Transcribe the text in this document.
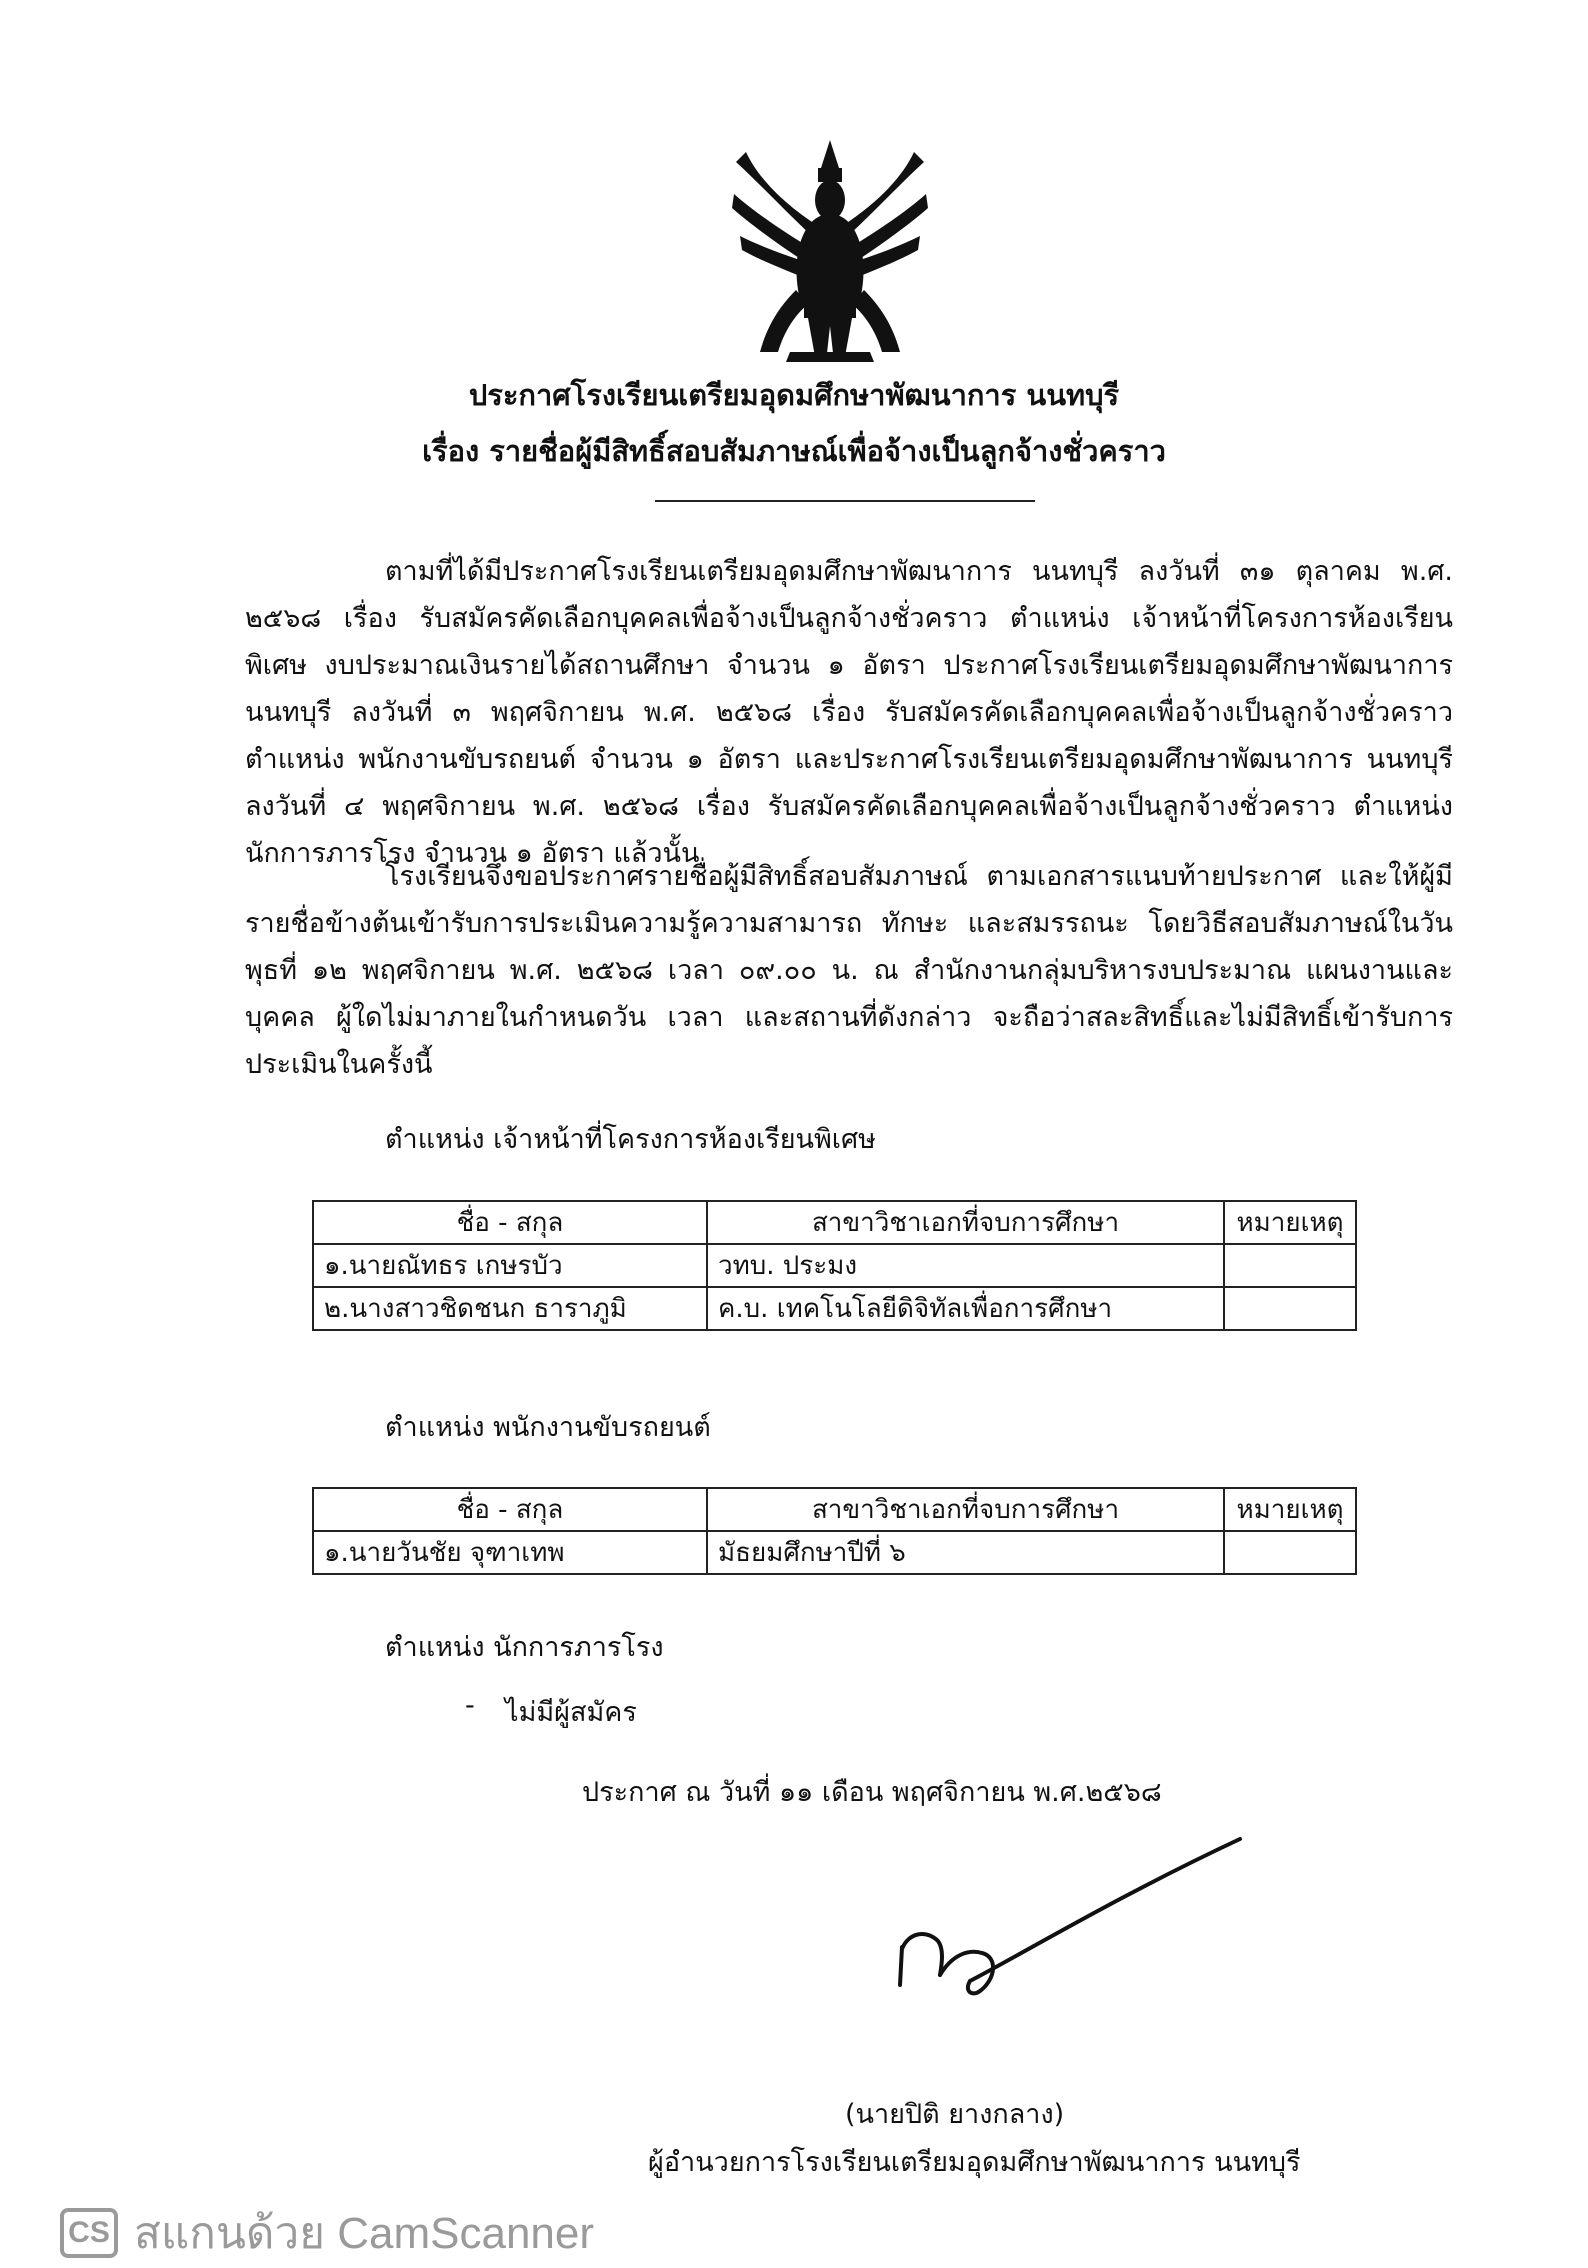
ประกาศโรงเรียนเตรียมอุดมศึกษาพัฒนาการ นนทบุรี
เรื่อง รายชื่อผู้มีสิทธิ์สอบสัมภาษณ์เพื่อจ้างเป็นลูกจ้างชั่วคราว

ตามที่ได้มีประกาศโรงเรียนเตรียมอุดมศึกษาพัฒนาการ นนทบุรี ลงวันที่ ๓๑ ตุลาคม พ.ศ. ๒๕๖๘ เรื่อง รับสมัครคัดเลือกบุคคลเพื่อจ้างเป็นลูกจ้างชั่วคราว ตำแหน่ง เจ้าหน้าที่โครงการห้องเรียนพิเศษ งบประมาณเงินรายได้สถานศึกษา จำนวน ๑ อัตรา ประกาศโรงเรียนเตรียมอุดมศึกษาพัฒนาการ นนทบุรี ลงวันที่ ๓ พฤศจิกายน พ.ศ. ๒๕๖๘ เรื่อง รับสมัครคัดเลือกบุคคลเพื่อจ้างเป็นลูกจ้างชั่วคราว ตำแหน่ง พนักงานขับรถยนต์ จำนวน ๑ อัตรา และประกาศโรงเรียนเตรียมอุดมศึกษาพัฒนาการ นนทบุรี ลงวันที่ ๔ พฤศจิกายน พ.ศ. ๒๕๖๘ เรื่อง รับสมัครคัดเลือกบุคคลเพื่อจ้างเป็นลูกจ้างชั่วคราว ตำแหน่ง นักการภารโรง จำนวน ๑ อัตรา แล้วนั้น

โรงเรียนจึงขอประกาศรายชื่อผู้มีสิทธิ์สอบสัมภาษณ์ ตามเอกสารแนบท้ายประกาศ และให้ผู้มีรายชื่อข้างต้นเข้ารับการประเมินความรู้ความสามารถ ทักษะ และสมรรถนะ โดยวิธีสอบสัมภาษณ์ในวันพุธที่ ๑๒ พฤศจิกายน พ.ศ. ๒๕๖๘ เวลา ๐๙.๐๐ น. ณ สำนักงานกลุ่มบริหารงบประมาณ แผนงานและบุคคล ผู้ใดไม่มาภายในกำหนดวัน เวลา และสถานที่ดังกล่าว จะถือว่าสละสิทธิ์และไม่มีสิทธิ์เข้ารับการประเมินในครั้งนี้

ตำแหน่ง เจ้าหน้าที่โครงการห้องเรียนพิเศษ
ชื่อ - สกุล	สาขาวิชาเอกที่จบการศึกษา	หมายเหตุ
๑.นายณัทธร เกษรบัว	วทบ. ประมง	
๒.นางสาวชิดชนก ธาราภูมิ	ค.บ. เทคโนโลยีดิจิทัลเพื่อการศึกษา	
ตำแหน่ง พนักงานขับรถยนต์
ชื่อ - สกุล	สาขาวิชาเอกที่จบการศึกษา	หมายเหตุ
๑.นายวันชัย จุฑาเทพ	มัธยมศึกษาปีที่ ๖	
ตำแหน่ง นักการภารโรง
- ไม่มีผู้สมัคร
ประกาศ ณ วันที่ ๑๑ เดือน พฤศจิกายน พ.ศ.๒๕๖๘
(นายปิติ ยางกลาง)
ผู้อำนวยการโรงเรียนเตรียมอุดมศึกษาพัฒนาการ นนทบุรี
CS สแกนด้วย CamScanner
